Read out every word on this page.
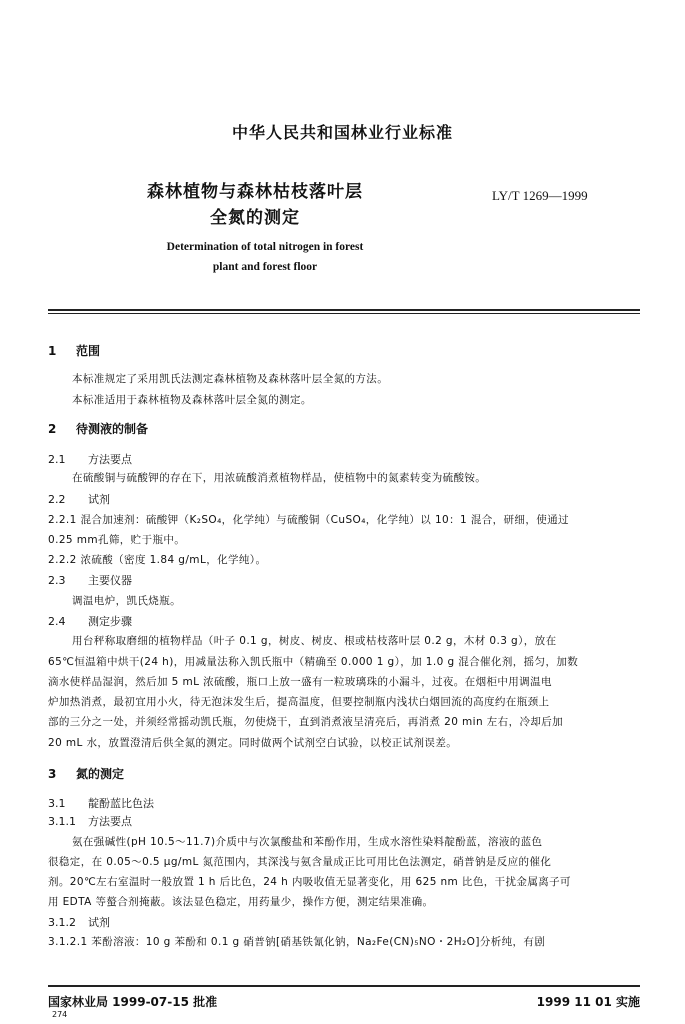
中华人民共和国林业行业标准
森林植物与森林枯枝落叶层
全氮的测定
LY/T 1269—1999
Determination of total nitrogen in forest
plant and forest floor
1 范围
本标准规定了采用凯氏法测定森林植物及森林落叶层全氮的方法。
本标准适用于森林植物及森林落叶层全氮的测定。
2 待测液的制备
2.1 方法要点
在硫酸铜与硫酸钾的存在下，用浓硫酸消煮植物样品，使植物中的氮素转变为硫酸铵。
2.2 试剂
2.2.1 混合加速剂：硫酸钾（K₂SO₄，化学纯）与硫酸铜（CuSO₄，化学纯）以 10：1 混合，研细，使通过
0.25 mm孔筛，贮于瓶中。
2.2.2 浓硫酸（密度 1.84 g/mL，化学纯）。
2.3 主要仪器
调温电炉，凯氏烧瓶。
2.4 测定步骤
用台秤称取磨细的植物样品（叶子 0.1 g，树皮、树皮、根或枯枝落叶层 0.2 g，木材 0.3 g），放在
65℃恒温箱中烘干(24 h)，用减量法称入凯氏瓶中（精确至 0.000 1 g），加 1.0 g 混合催化剂，摇匀，加数
滴水使样品湿润，然后加 5 mL 浓硫酸，瓶口上放一盛有一粒玻璃珠的小漏斗，过夜。在烟柜中用调温电
炉加热消煮，最初宜用小火，待无泡沫发生后，提高温度，但要控制瓶内浅状白烟回流的高度约在瓶颈上
部的三分之一处，并须经常摇动凯氏瓶，勿使烧干，直到消煮液呈清亮后，再消煮 20 min 左右，冷却后加
20 mL 水，放置澄清后供全氮的测定。同时做两个试剂空白试验，以校正试剂误差。
3 氮的测定
3.1 靛酚蓝比色法
3.1.1 方法要点
氨在强碱性(pH 10.5～11.7)介质中与次氯酸盐和苯酚作用，生成水溶性染料靛酚蓝，溶液的蓝色
很稳定，在 0.05～0.5 μg/mL 氮范围内，其深浅与氨含量成正比可用比色法测定，硝普钠是反应的催化
剂。20℃左右室温时一般放置 1 h 后比色，24 h 内吸收值无显著变化，用 625 nm 比色，干扰金属离子可
用 EDTA 等螯合剂掩蔽。该法显色稳定，用药量少，操作方便，测定结果准确。
3.1.2 试剂
3.1.2.1 苯酚溶液：10 g 苯酚和 0.1 g 硝普钠[硝基铁氰化钠，Na₂Fe(CN)₅NO・2H₂O]分析纯，有剧
国家林业局 1999-07-15 批准	1999 11 01 实施
274
